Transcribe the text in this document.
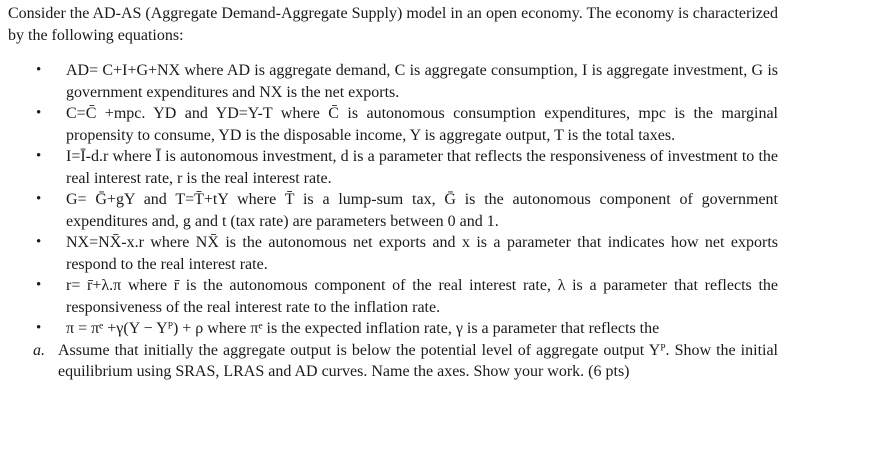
Consider the AD-AS (Aggregate Demand-Aggregate Supply) model in an open economy. The economy is characterized by the following equations:

• AD= C+I+G+NX where AD is aggregate demand, C is aggregate consumption, I is aggregate investment, G is government expenditures and NX is the net exports.
• C=C̄ +mpc. YD and YD=Y-T where C̄ is autonomous consumption expenditures, mpc is the marginal propensity to consume, YD is the disposable income, Y is aggregate output, T is the total taxes.
• I=Ī-d.r where Ī is autonomous investment, d is a parameter that reflects the responsiveness of investment to the real interest rate, r is the real interest rate.
• G= Ḡ+gY and T=T̄+tY where T̄ is a lump-sum tax, Ḡ is the autonomous component of government expenditures and, g and t (tax rate) are parameters between 0 and 1.
• NX=NX̄-x.r where NX̄ is the autonomous net exports and x is a parameter that indicates how net exports respond to the real interest rate.
• r= r̄+λ.π where r̄ is the autonomous component of the real interest rate, λ is a parameter that reflects the responsiveness of the real interest rate to the inflation rate.
• π = πᵉ +γ(Y − Yᴾ) + ρ where πᵉ is the expected inflation rate, γ is a parameter that reflects the
a. Assume that initially the aggregate output is below the potential level of aggregate output Yᴾ. Show the initial equilibrium using SRAS, LRAS and AD curves. Name the axes. Show your work. (6 pts)
